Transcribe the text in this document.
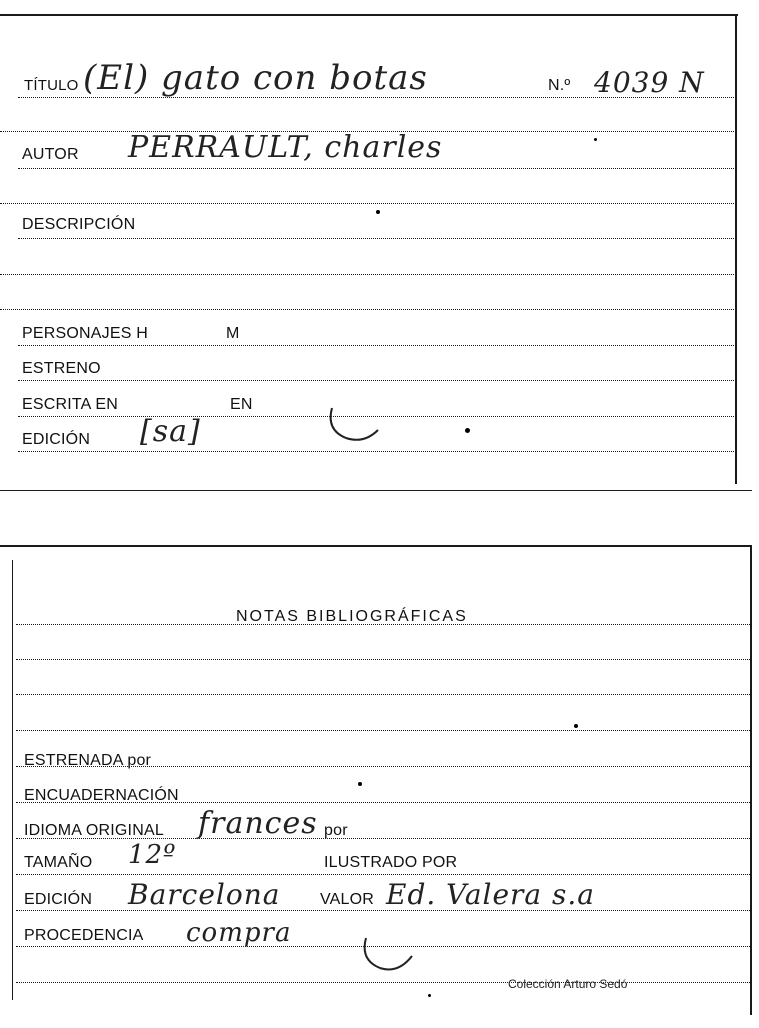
TÍTULO (El) gato con botas	N.º 4039 N
AUTOR PERRAULT, charles
DESCRIPCIÓN
PERSONAJES H	M
ESTRENO
ESCRITA EN	EN
EDICIÓN [sa]
NOTAS BIBLIOGRÁFICAS
ESTRENADA por
ENCUADERNACIÓN
IDIOMA ORIGINAL frances por
TAMAÑO 12º	ILUSTRADO POR
EDICIÓN Barcelona VALOR Ed. Valera s.a
PROCEDENCIA compra
Colección Arturo Sedó
